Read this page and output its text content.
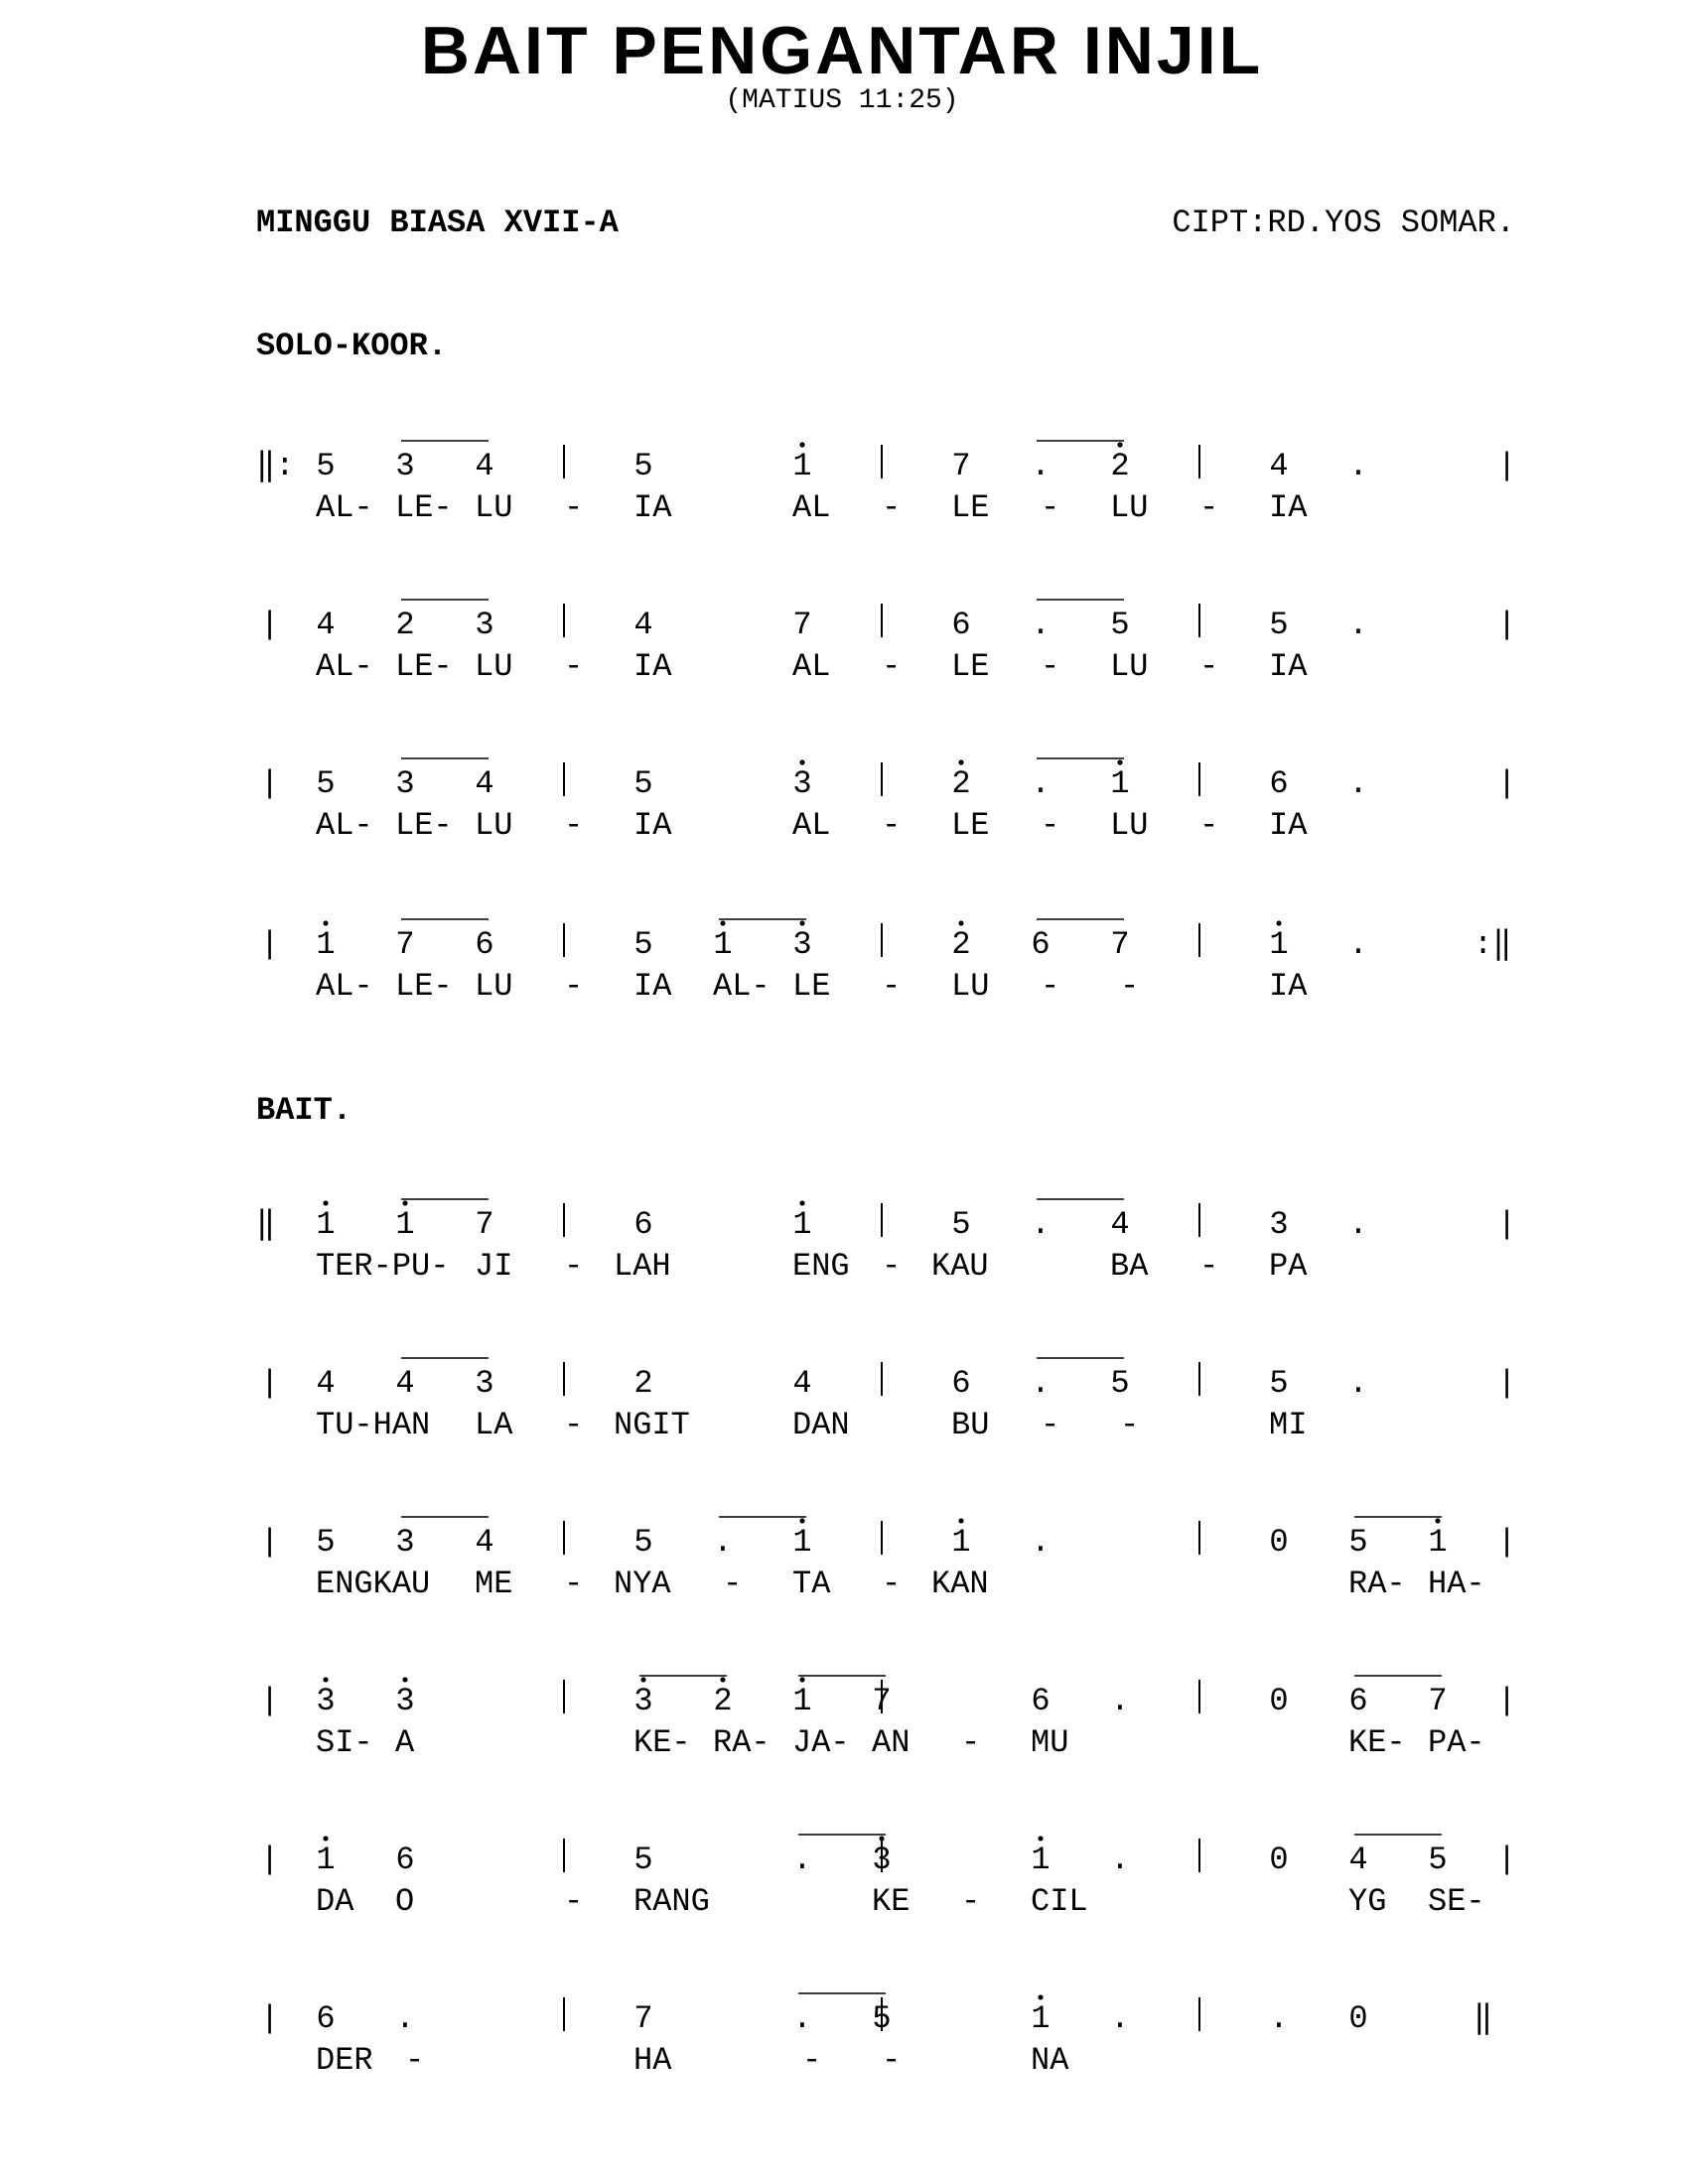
BAIT PENGANTAR INJIL
(MATIUS 11:25)
MINGGU BIASA XVII-A	CIPT:RD.YOS SOMAR.
SOLO-KOOR.
BAIT.
‖:	|
5 3 4	5	1	7 . 2	4 .
AL- LE- LU - IA	AL - LE - LU - IA
|	|
4 2 3	4	7	6 . 5	5 .
AL- LE- LU - IA	AL - LE - LU - IA
|	|
5 3 4	5	3	2 . 1	6 .
AL- LE- LU - IA	AL - LE - LU - IA
|	:‖
1 7 6	5 1 3	2 6 7	1 .
AL- LE- LU - IA AL- LE - LU - -	IA
‖	|
1 1 7	6	1	5 . 4	3 .
TER-PU- JI - LAH	ENG - KAU	BA - PA
|	|
4 4 3	2	4	6 . 5	5 .
TU-HAN LA - NGIT	DAN	BU - -	MI
|	|
5 3 4	5 . 1	1 .	0 5 1
ENGKAU ME - NYA - TA - KAN	RA- HA-
|	|
3 3	3 2 1 7	6 .	0 6 7
SI- A	KE- RA- JA- AN - MU	KE- PA-
|	|
1 6	5	. 3	1 .	0 4 5
DA O	- RANG	KE - CIL	YG SE-
|	‖
6 .	7	. 5	1 .	. 0
DER -	HA	- -	NA
